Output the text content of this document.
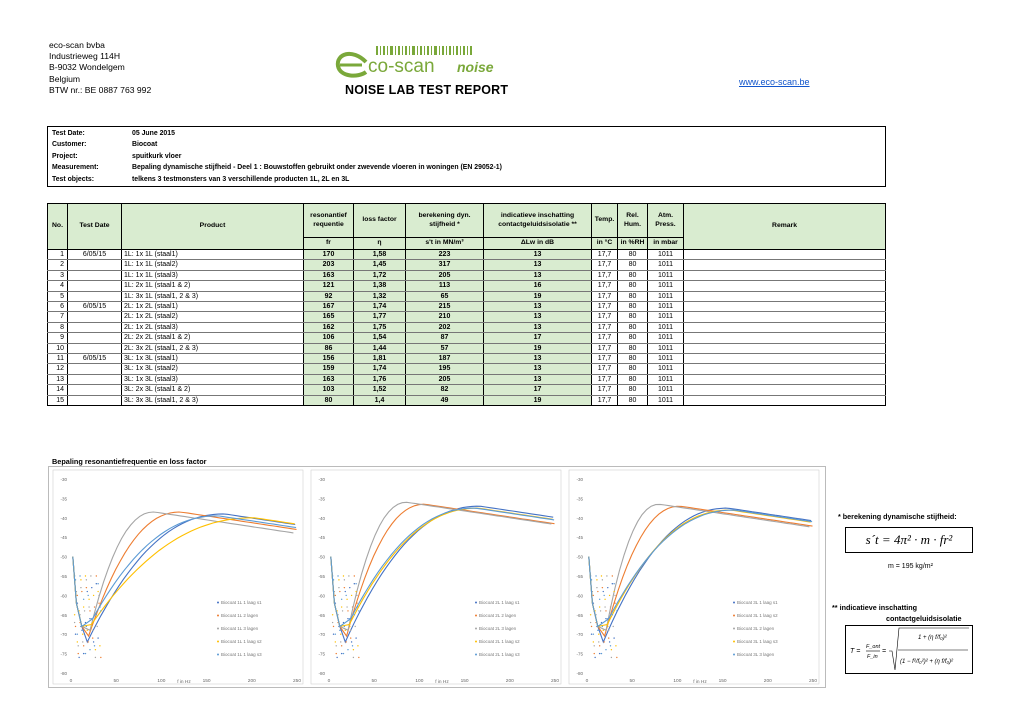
eco-scan bvba
Industrieweg 114H
B-9032 Wondelgem
Belgium
BTW nr.: BE 0887 763 992
co-scan noise
NOISE LAB TEST REPORT
www.eco-scan.be
Test Date:	05 June 2015
Customer:	Biocoat
Project:	spuitkurk vloer
Measurement:	Bepaling dynamische stijfheid - Deel 1 : Bouwstoffen gebruikt onder zwevende vloeren in woningen (EN 29052-1)
Test objects:	telkens 3 testmonsters van 3 verschillende producten 1L, 2L en 3L
No.	Test Date	Product	resonantief requentie	loss factor	berekening dyn. stijfheid *	indicatieve inschatting contactgeluidsisolatie **	Temp.	Rel. Hum.	Atm. Press.	Remark
			fr	η	s't in MN/m³	ΔLw in dB	in °C	in %RH	in mbar	
1	6/05/15	1L: 1x 1L (staal1)	170	1,58	223	13	17,7	80	1011	
2		1L: 1x 1L (staal2)	203	1,45	317	13	17,7	80	1011	
3		1L: 1x 1L (staal3)	163	1,72	205	13	17,7	80	1011	
4		1L: 2x 1L (staal1 & 2)	121	1,38	113	16	17,7	80	1011	
5		1L: 3x 1L (staal1, 2 & 3)	92	1,32	65	19	17,7	80	1011	
6	6/05/15	2L: 1x 2L (staal1)	167	1,74	215	13	17,7	80	1011	
7		2L: 1x 2L (staal2)	165	1,77	210	13	17,7	80	1011	
8		2L: 1x 2L (staal3)	162	1,75	202	13	17,7	80	1011	
9		2L: 2x 2L (staal1 & 2)	106	1,54	87	17	17,7	80	1011	
10		2L: 3x 2L (staal1, 2 & 3)	86	1,44	57	19	17,7	80	1011	
11	6/05/15	3L: 1x 3L (staal1)	156	1,81	187	13	17,7	80	1011	
12		3L: 1x 3L (staal2)	159	1,74	195	13	17,7	80	1011	
13		3L: 1x 3L (staal3)	163	1,76	205	13	17,7	80	1011	
14		3L: 2x 3L (staal1 & 2)	103	1,52	82	17	17,7	80	1011	
15		3L: 3x 3L (staal1, 2 & 3)	80	1,4	49	19	17,7	80	1011	
Bepaling resonantiefrequentie en loss factor
-30
-35
-40
-45
-50
-55
-60
-65
-70
-75
-80
0	50	100	150	200	250
f in Hz
Biocoat 1L 1 laag s1
Biocoat 1L 2 lagen
Biocoat 1L 3 lagen
Biocoat 1L 1 laag s2
Biocoat 1L 1 laag s3
-30
-35
-40
-45
-50
-55
-60
-65
-70
-75
-80
0	50	100	150	200	250
f in Hz
Biocoat 2L 1 laag s1
Biocoat 2L 2 lagen
Biocoat 2L 3 lagen
Biocoat 2L 1 laag s2
Biocoat 2L 1 laag s3
-30
-35
-40
-45
-50
-55
-60
-65
-70
-75
-80
0	50	100	150	200	250
f in Hz
Biocoat 3L 1 laag s1
Biocoat 3L 1 laag s2
Biocoat 3L 2 lagen
Biocoat 3L 1 laag s3
Biocoat 3L 3 lagen
* berekening dynamische stijfheid:
s´t = 4π² · m · fr²
m = 195 kg/m²
** indicatieve inschatting
contactgeluidsisolatie
T =
F_ont
F_in
=
1 + (η f/f₀)²
(1 − f²/f₀²)² + (η f/f₀)²
